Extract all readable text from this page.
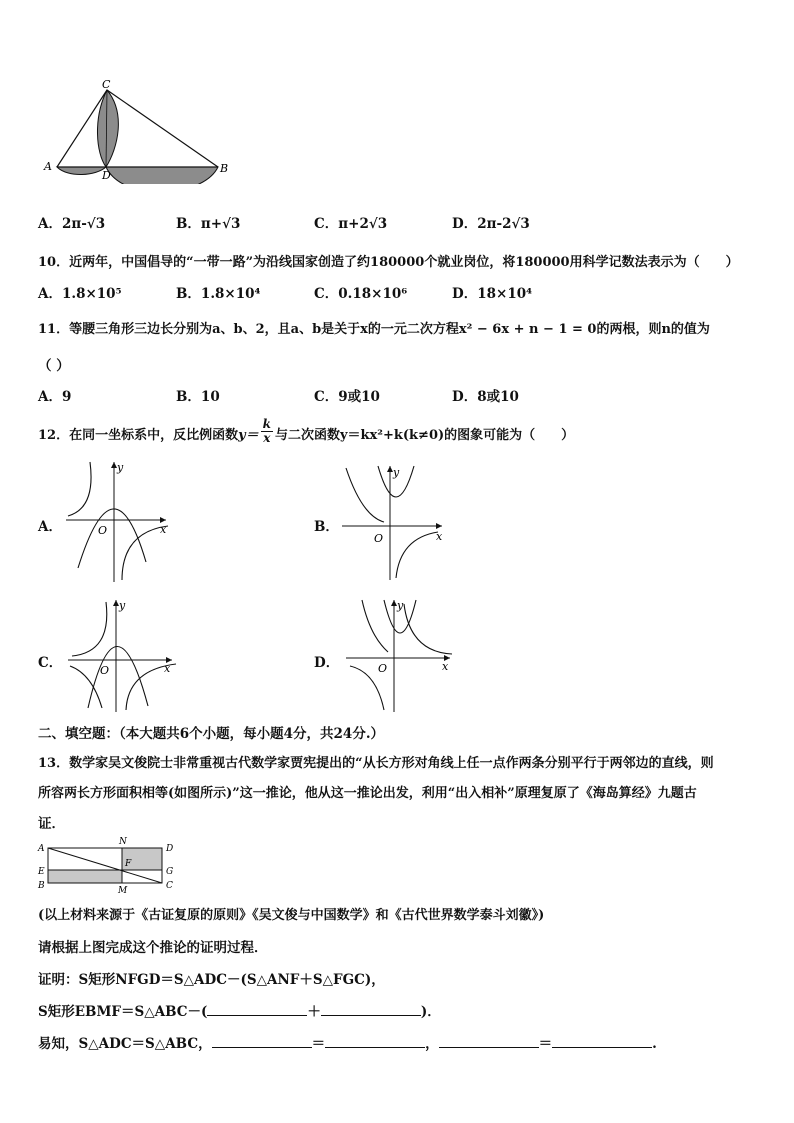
C
A
D
B
A．2π-√3	B．π+√3	C．π+2√3	D．2π-2√3
10．近两年，中国倡导的“一带一路”为沿线国家创造了约180000个就业岗位，将180000用科学记数法表示为（　　）
A．1.8×10⁵	B．1.8×10⁴	C．0.18×10⁶	D．18×10⁴
11．等腰三角形三边长分别为a、b、2，且a、b是关于x的一元二次方程x² − 6x + n − 1 = 0的两根，则n的值为
（ ）
A．9	B．10	C．9或10	D．8或10
12．在同一坐标系中，反比例函数 $y= \frac{k}{x}$ 与二次函数y＝kx²+k(k≠0)的图象可能为（　　）
A．	B．
C．	D．
y
x
O
y
x
O
y
x
O
y
x
O
二、填空题：（本大题共6个小题，每小题4分，共24分.）
13．数学家吴文俊院士非常重视古代数学家贾宪提出的“从长方形对角线上任一点作两条分别平行于两邻边的直线，则
所容两长方形面积相等(如图所示)”这一推论，他从这一推论出发，利用“出入相补”原理复原了《海岛算经》九题古
证．
A
N
D
E
F
G
B	M	C
(以上材料来源于《古证复原的原则》《吴文俊与中国数学》和《古代世界数学泰斗刘徽》)
请根据上图完成这个推论的证明过程．
证明：S矩形NFGD＝S△ADC－(S△ANF＋S△FGC)，
S矩形EBMF＝S△ABC－(	＋	)．
易知，S△ADC＝S△ABC，	＝	，	＝	.
